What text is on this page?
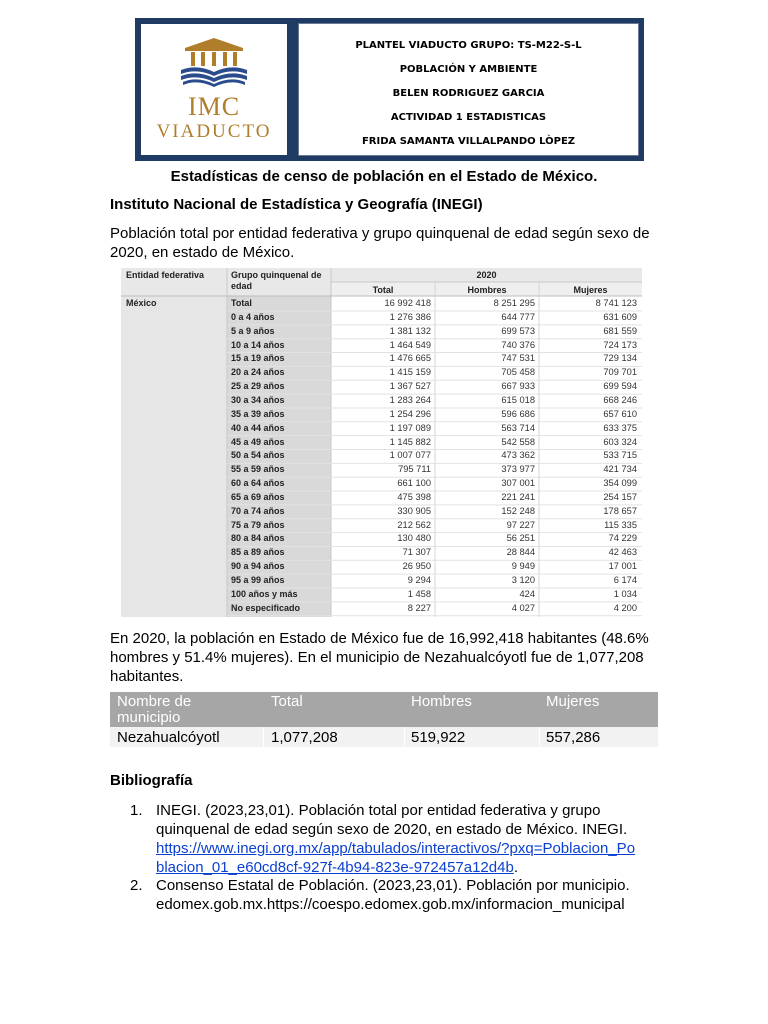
IMC
VIADUCTO
PLANTEL VIADUCTO GRUPO: TS-M22-S-L
POBLACIÓN Y AMBIENTE
BELEN RODRIGUEZ GARCIA
ACTIVIDAD 1 ESTADISTICAS
FRIDA SAMANTA VILLALPANDO LÒPEZ
Estadísticas de censo de población en el Estado de México.
Instituto Nacional de Estadística y Geografía (INEGI)
Población total por entidad federativa y grupo quinquenal de edad según sexo de 2020, en estado de México.
Entidad federativa	Grupo quinquenal de edad
2020
Total	Hombres	Mujeres
México	Total	16 992 418	8 251 295	8 741 123
0 a 4 años	1 276 386	644 777	631 609
5 a 9 años	1 381 132	699 573	681 559
10 a 14 años	1 464 549	740 376	724 173
15 a 19 años	1 476 665	747 531	729 134
20 a 24 años	1 415 159	705 458	709 701
25 a 29 años	1 367 527	667 933	699 594
30 a 34 años	1 283 264	615 018	668 246
35 a 39 años	1 254 296	596 686	657 610
40 a 44 años	1 197 089	563 714	633 375
45 a 49 años	1 145 882	542 558	603 324
50 a 54 años	1 007 077	473 362	533 715
55 a 59 años	795 711	373 977	421 734
60 a 64 años	661 100	307 001	354 099
65 a 69 años	475 398	221 241	254 157
70 a 74 años	330 905	152 248	178 657
75 a 79 años	212 562	97 227	115 335
80 a 84 años	130 480	56 251	74 229
85 a 89 años	71 307	28 844	42 463
90 a 94 años	26 950	9 949	17 001
95 a 99 años	9 294	3 120	6 174
100 años y más	1 458	424	1 034
No especificado	8 227	4 027	4 200
En 2020, la población en Estado de México fue de 16,992,418 habitantes (48.6% hombres y 51.4% mujeres). En el municipio de Nezahualcóyotl fue de 1,077,208 habitantes.
Nombre de municipio
Total	Hombres	Mujeres
Nezahualcóyotl	1,077,208	519,922	557,286
Bibliografía
1. INEGI. (2023,23,01). Población total por entidad federativa y grupo quinquenal de edad según sexo de 2020, en estado de México. INEGI.
https://www.inegi.org.mx/app/tabulados/interactivos/?pxq=Poblacion_Po
blacion_01_e60cd8cf-927f-4b94-823e-972457a12d4b.
2. Consenso Estatal de Población. (2023,23,01). Población por municipio. edomex.gob.mx.https://coespo.edomex.gob.mx/informacion_municipal
